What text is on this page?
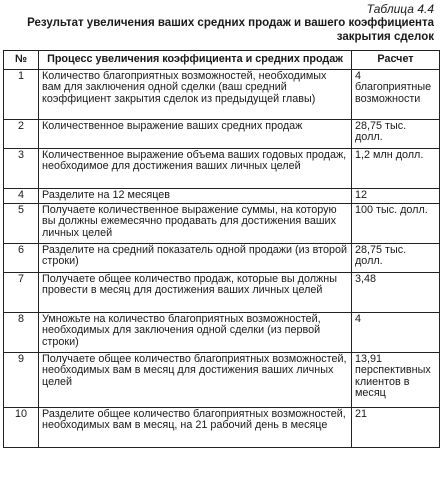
Таблица 4.4
Результат увеличения ваших средних продаж и вашего коэффициента закрытия сделок
№	Процесс увеличения коэффициента и средних продаж	Расчет
1	Количество благоприятных возможностей, необходимых вам для заключения одной сделки (ваш средний коэффициент закрытия сделок из предыдущей главы)	4 благоприятные возможности
2	Количественное выражение ваших средних продаж	28,75 тыс. долл.
3	Количественное выражение объема ваших годовых продаж, необходимое для достижения ваших личных целей	1,2 млн долл.
4	Разделите на 12 месяцев	12
5	Получаете количественное выражение суммы, на которую вы должны ежемесячно продавать для достижения ваших личных целей	100 тыс. долл.
6	Разделите на средний показатель одной продажи (из второй строки)	28,75 тыс. долл.
7	Получаете общее количество продаж, которые вы должны провести в месяц для достижения ваших личных целей	3,48
8	Умножьте на количество благоприятных возможностей, необходимых для заключения одной сделки (из первой строки)	4
9	Получаете общее количество благоприятных возможностей, необходимых вам в месяц для достижения ваших личных целей	13,91 перспективных клиентов в месяц
10	Разделите общее количество благоприятных возможностей, необходимых вам в месяц, на 21 рабочий день в месяце	21
